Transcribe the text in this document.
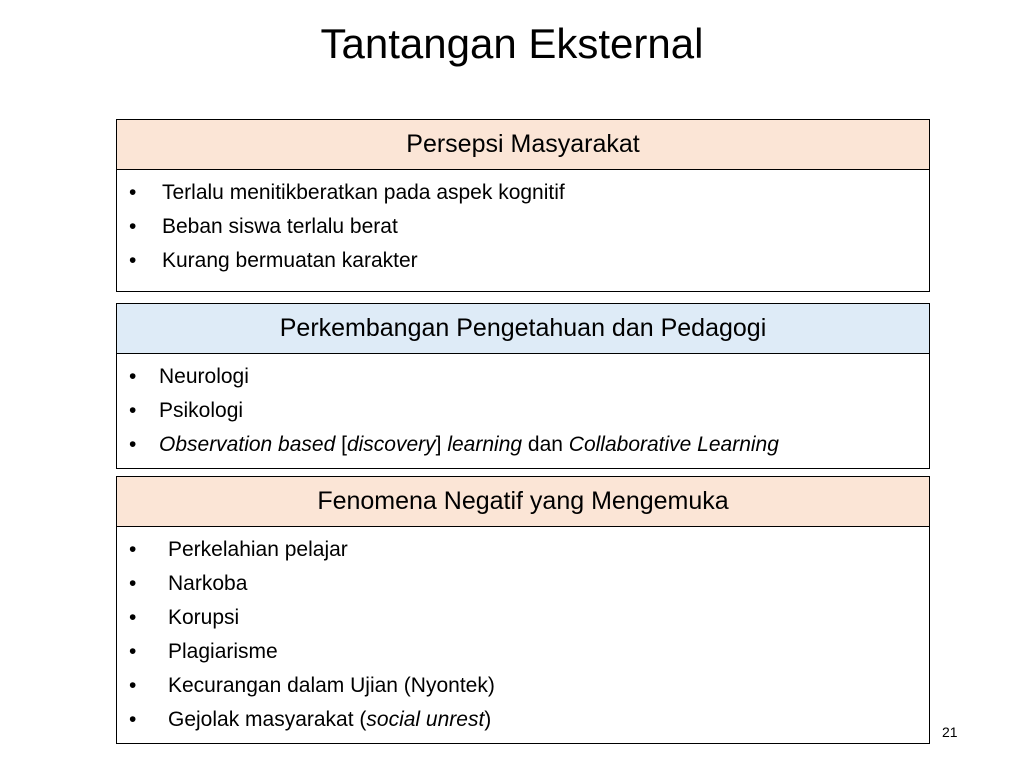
Tantangan Eksternal
Persepsi Masyarakat
• Terlalu menitikberatkan pada aspek kognitif
• Beban siswa terlalu berat
• Kurang bermuatan karakter
Perkembangan Pengetahuan dan Pedagogi
• Neurologi
• Psikologi
• Observation based [discovery] learning dan Collaborative Learning
Fenomena Negatif yang Mengemuka
• Perkelahian pelajar
• Narkoba
• Korupsi
• Plagiarisme
• Kecurangan dalam Ujian (Nyontek)
• Gejolak masyarakat (social unrest)
21
